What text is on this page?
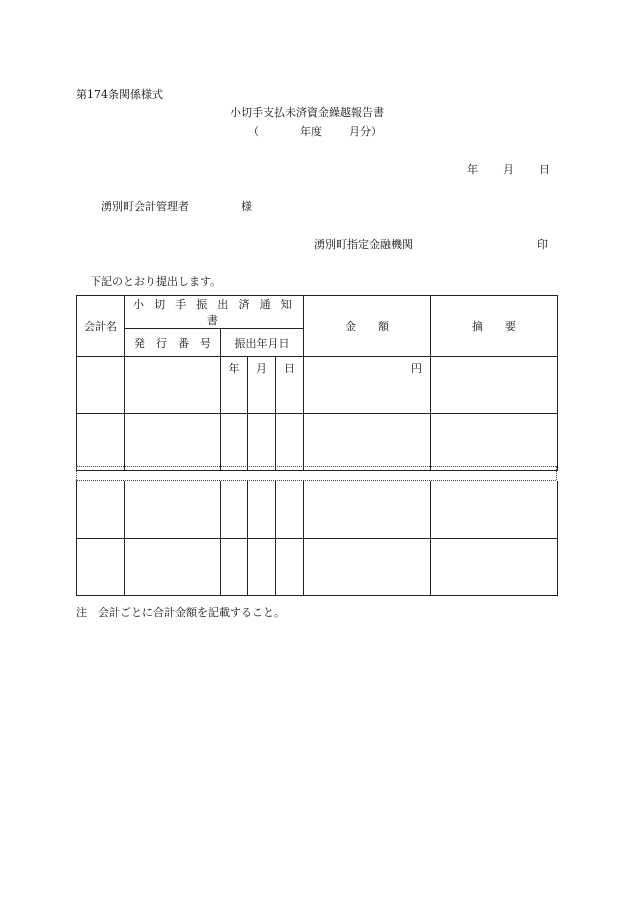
第174条関係様式
小切手支払未済資金繰越報告書
（	年度 月分）
年 月 日
湧別町会計管理者	様
湧別町指定金融機関	印
下記のとおり提出します。
会計名	小 切 手 振 出 済 通 知 書				金　　額	摘　　要
	発　行　番　号	振出年月日				
		年	月	日	円	

注　会計ごとに合計金額を記載すること。
